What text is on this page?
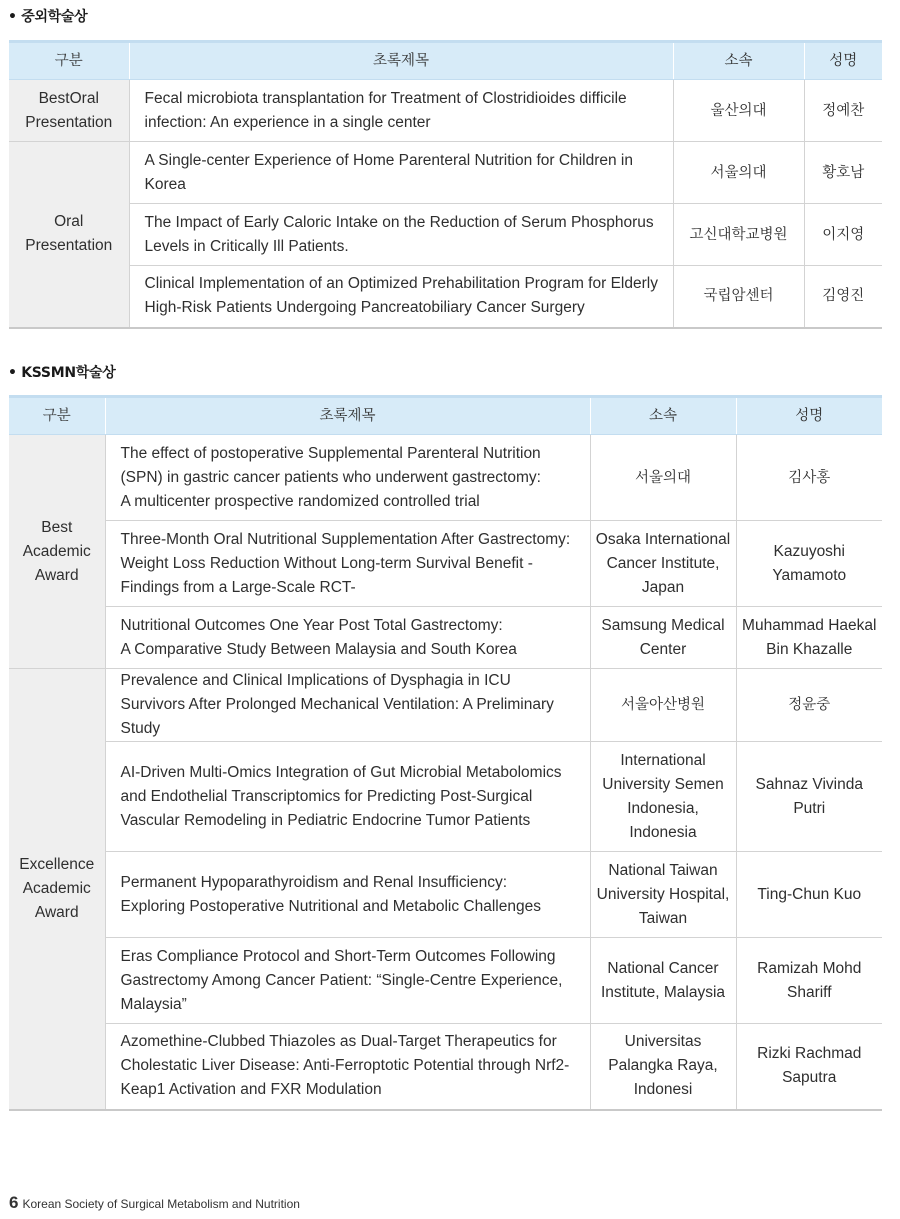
• 중외학술상
구분	초록제목	소속	성명
BestOral
Presentation	Fecal microbiota transplantation for Treatment of Clostridioides difficile infection: An experience in a single center	울산의대	정예찬
Oral
Presentation	A Single-center Experience of Home Parenteral Nutrition for Children in Korea	서울의대	황호남
	The Impact of Early Caloric Intake on the Reduction of Serum Phosphorus Levels in Critically Ill Patients.	고신대학교병원	이지영
	Clinical Implementation of an Optimized Prehabilitation Program for Elderly High-Risk Patients Undergoing Pancreatobiliary Cancer Surgery	국립암센터	김영진
• KSSMN학술상
구분	초록제목	소속	성명
Best
Academic
Award	The effect of postoperative Supplemental Parenteral Nutrition (SPN) in gastric cancer patients who underwent gastrectomy:
A multicenter prospective randomized controlled trial	서울의대	김사홍
	Three-Month Oral Nutritional Supplementation After Gastrectomy: Weight Loss Reduction Without Long-term Survival Benefit -Findings from a Large-Scale RCT-	Osaka International Cancer Institute, Japan	Kazuyoshi Yamamoto
	Nutritional Outcomes One Year Post Total Gastrectomy:
A Comparative Study Between Malaysia and South Korea	Samsung Medical Center	Muhammad Haekal Bin Khazalle
Excellence
Academic
Award	Prevalence and Clinical Implications of Dysphagia in ICU Survivors After Prolonged Mechanical Ventilation: A Preliminary Study	서울아산병원	정윤중
	AI-Driven Multi-Omics Integration of Gut Microbial Metabolomics and Endothelial Transcriptomics for Predicting Post-Surgical Vascular Remodeling in Pediatric Endocrine Tumor Patients	International University Semen Indonesia, Indonesia	Sahnaz Vivinda Putri
	Permanent Hypoparathyroidism and Renal Insufficiency:
Exploring Postoperative Nutritional and Metabolic Challenges	National Taiwan University Hospital, Taiwan	Ting-Chun Kuo
	Eras Compliance Protocol and Short-Term Outcomes Following Gastrectomy Among Cancer Patient: “Single-Centre Experience, Malaysia”	National Cancer Institute, Malaysia	Ramizah Mohd Shariff
	Azomethine-Clubbed Thiazoles as Dual-Target Therapeutics for Cholestatic Liver Disease: Anti-Ferroptotic Potential through Nrf2-Keap1 Activation and FXR Modulation	Universitas Palangka Raya, Indonesi	Rizki Rachmad Saputra
6 Korean Society of Surgical Metabolism and Nutrition
